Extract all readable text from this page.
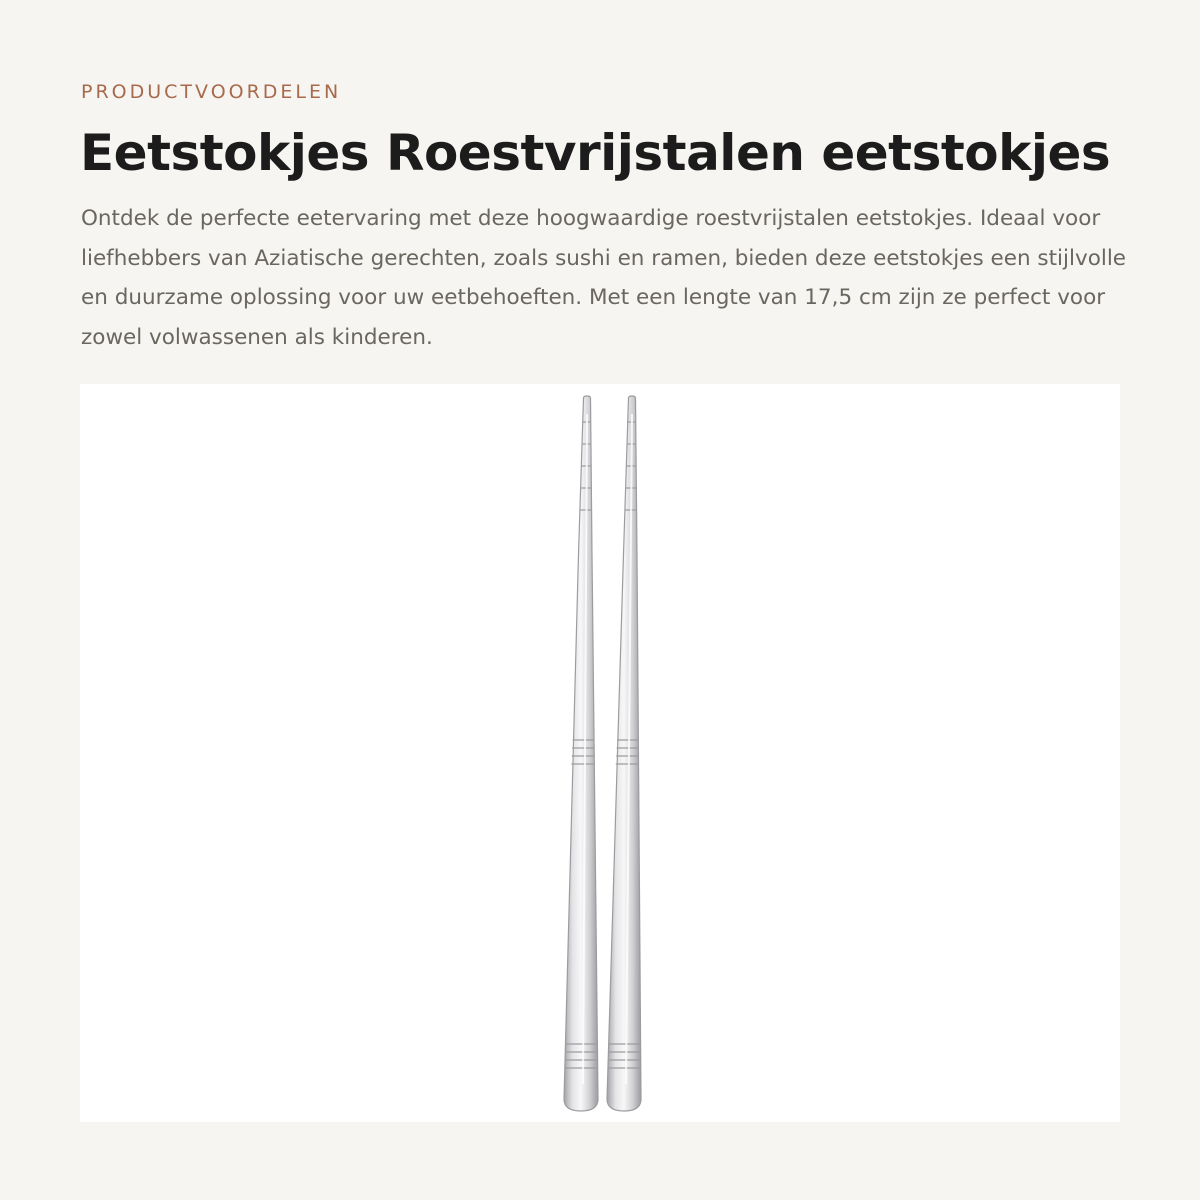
PRODUCTVOORDELEN
Eetstokjes Roestvrijstalen eetstokjes

Ontdek de perfecte eetervaring met deze hoogwaardige roestvrijstalen eetstokjes. Ideaal voor liefhebbers van Aziatische gerechten, zoals sushi en ramen, bieden deze eetstokjes een stijlvolle en duurzame oplossing voor uw eetbehoeften. Met een lengte van 17,5 cm zijn ze perfect voor zowel volwassenen als kinderen.
